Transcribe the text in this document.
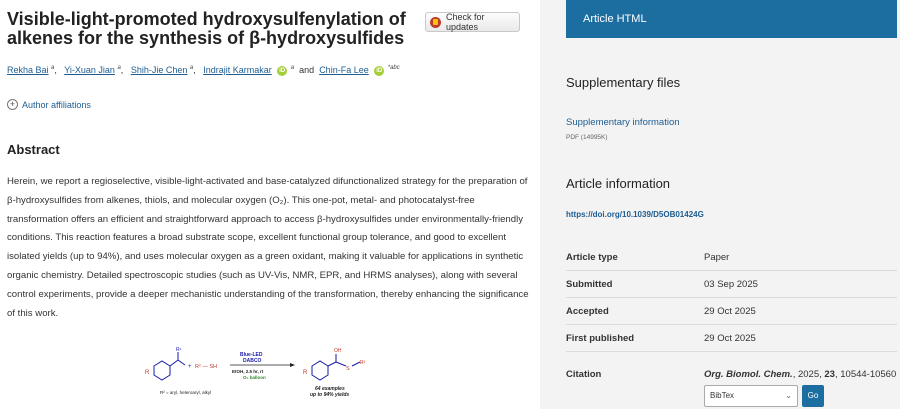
Visible-light-promoted hydroxysulfenylation of alkenes for the synthesis of β-hydroxysulfides
Check for updates
Rekha Bai $^a$,   Yi-Xuan Jian $^a$,   Shih-Jie Chen $^a$,   Indrajit Karmakar iD $^a$ and Chin-Fa Lee iD $^{*abc}$
+ Author affiliations
Abstract

Herein, we report a regioselective, visible-light-activated and base-catalyzed difunctionalized strategy for the preparation of β-hydroxysulfides from alkenes, thiols, and molecular oxygen (O₂). This one-pot, metal- and photocatalyst-free transformation offers an efficient and straightforward approach to access β-hydroxysulfides under environmentally-friendly conditions. This reaction features a broad substrate scope, excellent functional group tolerance, and good to excellent isolated yields (up to 94%), and uses molecular oxygen as a green oxidant, making it valuable for applications in synthetic organic chemistry. Detailed spectroscopic studies (such as UV-Vis, NMR, EPR, and HRMS analyses), along with several control experiments, provide a deeper mechanistic understanding of the transformation, thereby enhancing the significance of this work.

R
R¹
+ R² — SH
Blue-LED
DABCO
EtOH, 2.5 hr, rt
O₂ balloon
R² = aryl, heteroaryl, alkyl
OH
S
R²
R
64 examples
up to 94% yields
Article HTML
Supplementary files
Supplementary information
PDF (14995K)
Article information
https://doi.org/10.1039/D5OB01424G
Article type	Paper
Submitted	03 Sep 2025
Accepted	29 Oct 2025
First published	29 Oct 2025
Citation	Org. Biomol. Chem., 2025, 23, 10544-10560
BibTex	⌄	Go
